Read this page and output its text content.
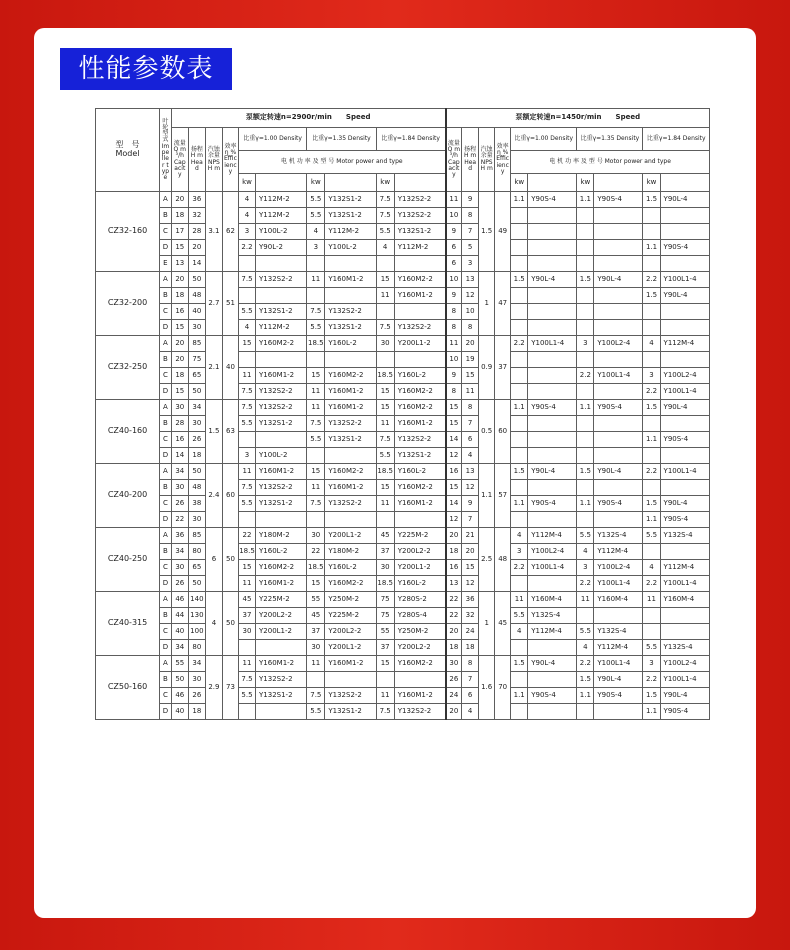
性能参数表
型　号
Model	叶轮型式 Impeller type	泵额定转速n=2900r/min　　Speed										泵额定转速n=1450r/min　　Speed									
		流量Q m³/h Capacity	扬程H m Head	汽蚀余量NPSH m	效率η % Efficiency	比重γ=1.00 Density		比重γ=1.35 Density		比重γ=1.84 Density		流量Q m³/h Capacity	扬程H m Head	汽蚀余量NPSH m	效率η % Efficiency	比重γ=1.00 Density		比重γ=1.35 Density		比重γ=1.84 Density	
						电 机 功 率 及 型 号 Motor power and type										电 机 功 率 及 型 号 Motor power and type					
						kw		kw		kw						kw		kw		kw	
CZ32-160	A	20	36	3.1	62	4	Y112M-2	5.5	Y132S1-2	7.5	Y132S2-2	11	9	1.5	49	1.1	Y90S-4	1.1	Y90S-4	1.5	Y90L-4
	B	18	32			4	Y112M-2	5.5	Y132S1-2	7.5	Y132S2-2	10	8								
	C	17	28			3	Y100L-2	4	Y112M-2	5.5	Y132S1-2	9	7								
	D	15	20			2.2	Y90L-2	3	Y100L-2	4	Y112M-2	6	5							1.1	Y90S-4
	E	13	14									6	3								
CZ32-200	A	20	50	2.7	51	7.5	Y132S2-2	11	Y160M1-2	15	Y160M2-2	10	13	1	47	1.5	Y90L-4	1.5	Y90L-4	2.2	Y100L1-4
	B	18	48							11	Y160M1-2	9	12							1.5	Y90L-4
	C	16	40			5.5	Y132S1-2	7.5	Y132S2-2			8	10								
	D	15	30			4	Y112M-2	5.5	Y132S1-2	7.5	Y132S2-2	8	8								
CZ32-250	A	20	85	2.1	40	15	Y160M2-2	18.5	Y160L-2	30	Y200L1-2	11	20	0.9	37	2.2	Y100L1-4	3	Y100L2-4	4	Y112M-4
	B	20	75									10	19								
	C	18	65			11	Y160M1-2	15	Y160M2-2	18.5	Y160L-2	9	15					2.2	Y100L1-4	3	Y100L2-4
	D	15	50			7.5	Y132S2-2	11	Y160M1-2	15	Y160M2-2	8	11							2.2	Y100L1-4
CZ40-160	A	30	34	1.5	63	7.5	Y132S2-2	11	Y160M1-2	15	Y160M2-2	15	8	0.5	60	1.1	Y90S-4	1.1	Y90S-4	1.5	Y90L-4
	B	28	30			5.5	Y132S1-2	7.5	Y132S2-2	11	Y160M1-2	15	7								
	C	16	26					5.5	Y132S1-2	7.5	Y132S2-2	14	6							1.1	Y90S-4
	D	14	18			3	Y100L-2			5.5	Y132S1-2	12	4								
CZ40-200	A	34	50	2.4	60	11	Y160M1-2	15	Y160M2-2	18.5	Y160L-2	16	13	1.1	57	1.5	Y90L-4	1.5	Y90L-4	2.2	Y100L1-4
	B	30	48			7.5	Y132S2-2	11	Y160M1-2	15	Y160M2-2	15	12								
	C	26	38			5.5	Y132S1-2	7.5	Y132S2-2	11	Y160M1-2	14	9			1.1	Y90S-4	1.1	Y90S-4	1.5	Y90L-4
	D	22	30									12	7							1.1	Y90S-4
CZ40-250	A	36	85	6	50	22	Y180M-2	30	Y200L1-2	45	Y225M-2	20	21	2.5	48	4	Y112M-4	5.5	Y132S-4	5.5	Y132S-4
	B	34	80			18.5	Y160L-2	22	Y180M-2	37	Y200L2-2	18	20			3	Y100L2-4	4	Y112M-4		
	C	30	65			15	Y160M2-2	18.5	Y160L-2	30	Y200L1-2	16	15			2.2	Y100L1-4	3	Y100L2-4	4	Y112M-4
	D	26	50			11	Y160M1-2	15	Y160M2-2	18.5	Y160L-2	13	12					2.2	Y100L1-4	2.2	Y100L1-4
CZ40-315	A	46	140	4	50	45	Y225M-2	55	Y250M-2	75	Y280S-2	22	36	1	45	11	Y160M-4	11	Y160M-4	11	Y160M-4
	B	44	130			37	Y200L2-2	45	Y225M-2	75	Y280S-4	22	32			5.5	Y132S-4				
	C	40	100			30	Y200L1-2	37	Y200L2-2	55	Y250M-2	20	24			4	Y112M-4	5.5	Y132S-4		
	D	34	80					30	Y200L1-2	37	Y200L2-2	18	18					4	Y112M-4	5.5	Y132S-4
CZ50-160	A	55	34	2.9	73	11	Y160M1-2	11	Y160M1-2	15	Y160M2-2	30	8	1.6	70	1.5	Y90L-4	2.2	Y100L1-4	3	Y100L2-4
	B	50	30			7.5	Y132S2-2					26	7					1.5	Y90L-4	2.2	Y100L1-4
	C	46	26			5.5	Y132S1-2	7.5	Y132S2-2	11	Y160M1-2	24	6			1.1	Y90S-4	1.1	Y90S-4	1.5	Y90L-4
	D	40	18					5.5	Y132S1-2	7.5	Y132S2-2	20	4							1.1	Y90S-4
